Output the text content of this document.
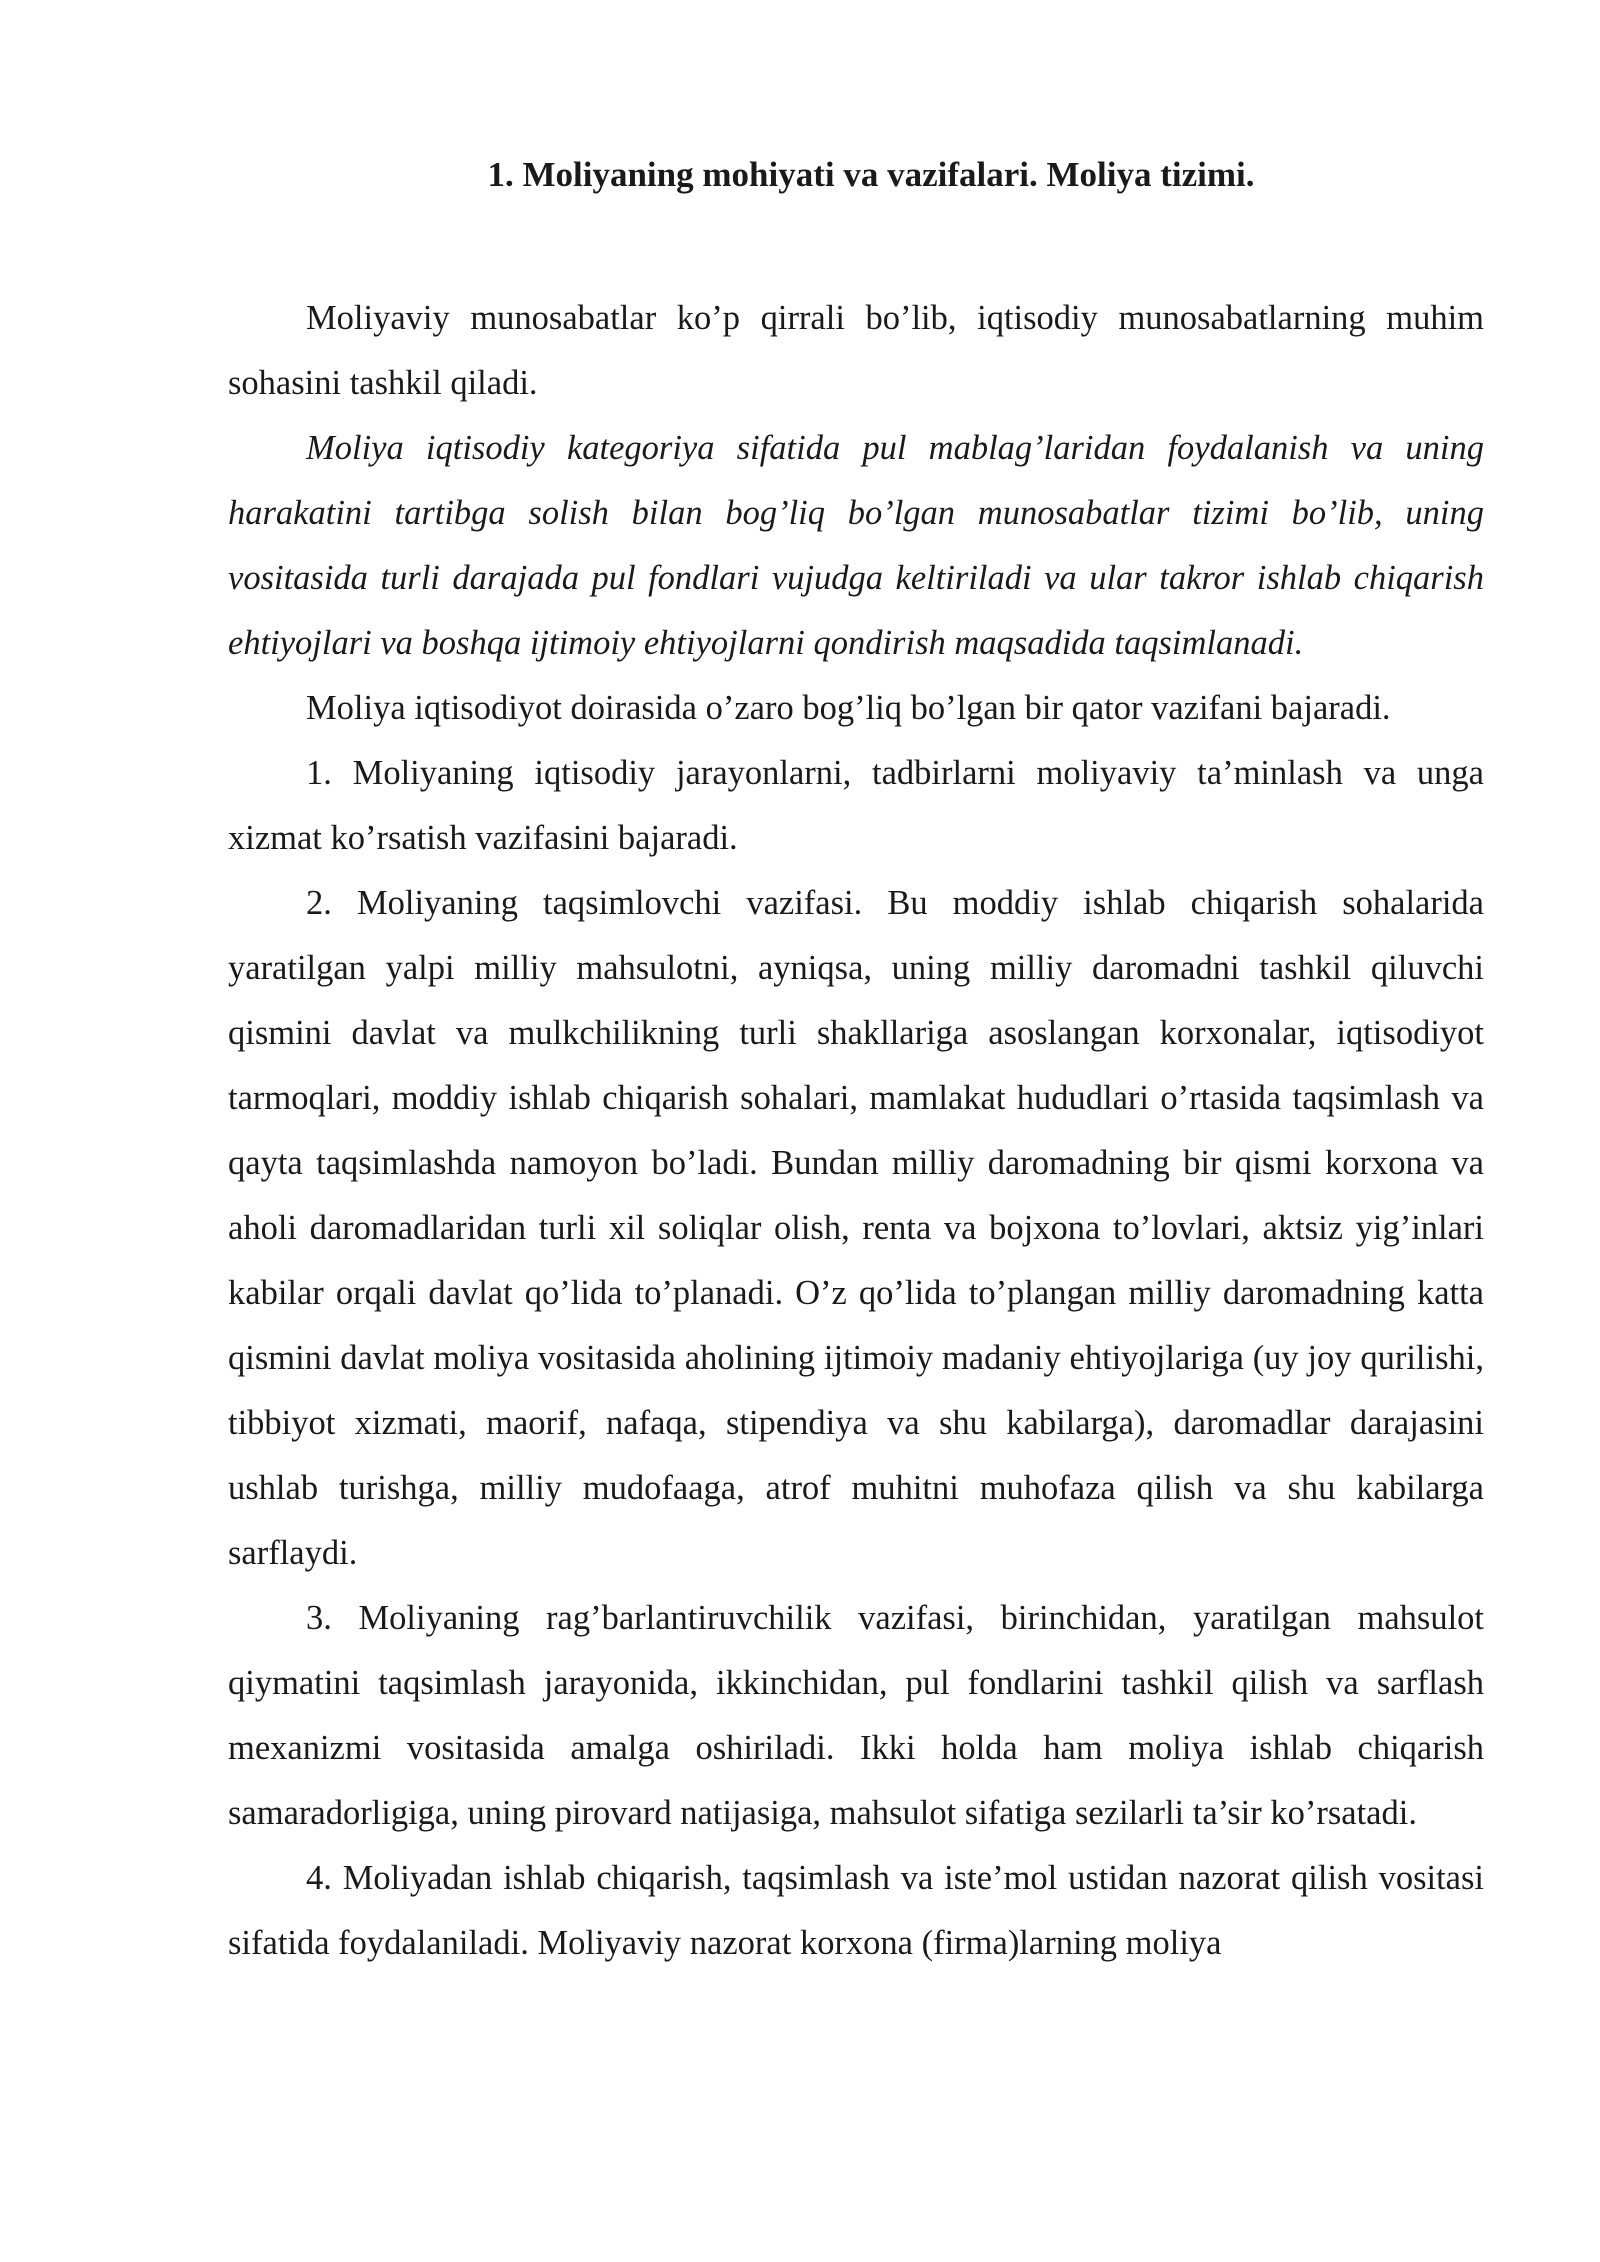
1. Moliyaning mohiyati va vazifalari. Moliya tizimi.

Moliyaviy munosabatlar ko’p qirrali bo’lib, iqtisodiy munosabatlarning muhim sohasini tashkil qiladi.

Moliya iqtisodiy kategoriya sifatida pul mablag’laridan foydalanish va uning harakatini tartibga solish bilan bog’liq bo’lgan munosabatlar tizimi bo’lib, uning vositasida turli darajada pul fondlari vujudga keltiriladi va ular takror ishlab chiqarish ehtiyojlari va boshqa ijtimoiy ehtiyojlarni qondirish maqsadida taqsimlanadi.

Moliya iqtisodiyot doirasida o’zaro bog’liq bo’lgan bir qator vazifani bajaradi.

1. Moliyaning iqtisodiy jarayonlarni, tadbirlarni moliyaviy ta’minlash va unga xizmat ko’rsatish vazifasini bajaradi.

2. Moliyaning taqsimlovchi vazifasi. Bu moddiy ishlab chiqarish sohalarida yaratilgan yalpi milliy mahsulotni, ayniqsa, uning milliy daromadni tashkil qiluvchi qismini davlat va mulkchilikning turli shakllariga asoslangan korxonalar, iqtisodiyot tarmoqlari, moddiy ishlab chiqarish sohalari, mamlakat hududlari o’rtasida taqsimlash va qayta taqsimlashda namoyon bo’ladi. Bundan milliy daromadning bir qismi korxona va aholi daromadlaridan turli xil soliqlar olish, renta va bojxona to’lovlari, aktsiz yig’inlari kabilar orqali davlat qo’lida to’planadi. O’z qo’lida to’plangan milliy daromadning katta qismini davlat moliya vositasida aholining ijtimoiy madaniy ehtiyojlariga (uy joy qurilishi, tibbiyot xizmati, maorif, nafaqa, stipendiya va shu kabilarga), daromadlar darajasini ushlab turishga, milliy mudofaaga, atrof muhitni muhofaza qilish va shu kabilarga sarflaydi.

3. Moliyaning rag’barlantiruvchilik vazifasi, birinchidan, yaratilgan mahsulot qiymatini taqsimlash jarayonida, ikkinchidan, pul fondlarini tashkil qilish va sarflash mexanizmi vositasida amalga oshiriladi. Ikki holda ham moliya ishlab chiqarish samaradorligiga, uning pirovard natijasiga, mahsulot sifatiga sezilarli ta’sir ko’rsatadi.

4. Moliyadan ishlab chiqarish, taqsimlash va iste’mol ustidan nazorat qilish vositasi sifatida foydalaniladi. Moliyaviy nazorat korxona (firma)larning moliya
